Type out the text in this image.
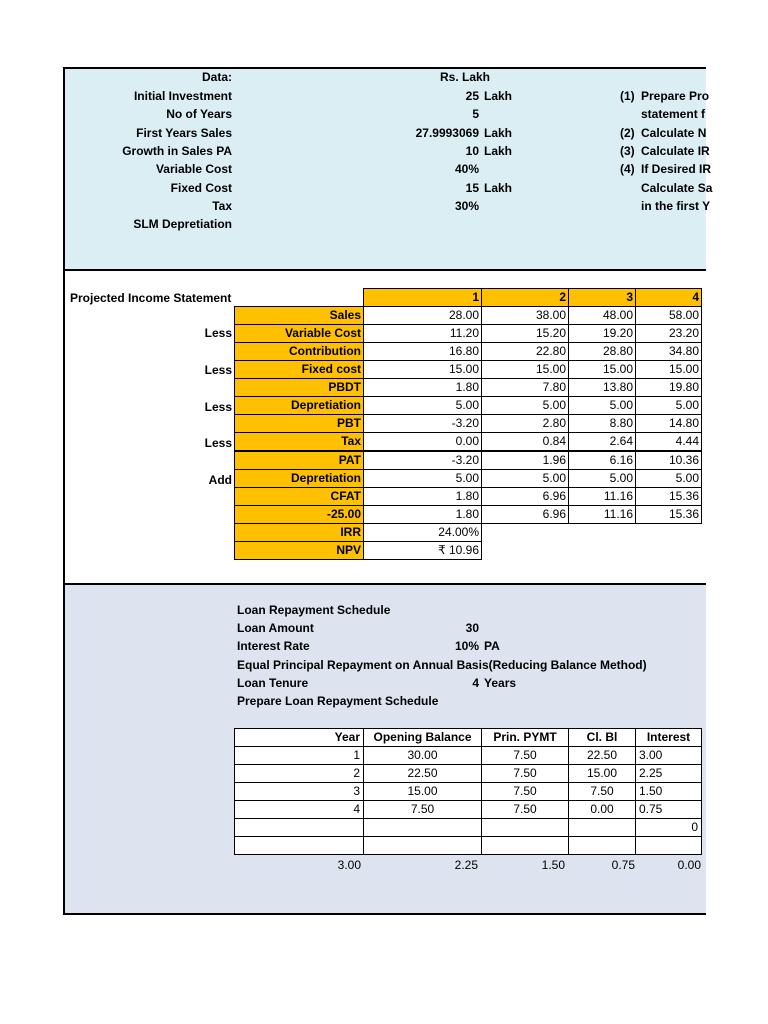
Data:	Rs. Lakh
Initial Investment	25 Lakh
No of Years	5
First Years Sales	27.9993069 Lakh
Growth in Sales PA	10 Lakh
Variable Cost	40%
Fixed Cost	15 Lakh
Tax	30%
SLM Depretiation
(1) Prepare Pro
statement f
(2) Calculate N
(3) Calculate IR
(4) If Desired IR
Calculate Sa
in the first Y
Projected Income Statement
Less
Less
Less
Less
Add
	1	2	3	4
Sales	28.00	38.00	48.00	58.00
Variable Cost	11.20	15.20	19.20	23.20
Contribution	16.80	22.80	28.80	34.80
Fixed cost	15.00	15.00	15.00	15.00
PBDT	1.80	7.80	13.80	19.80
Depretiation	5.00	5.00	5.00	5.00
PBT	-3.20	2.80	8.80	14.80
Tax	0.00	0.84	2.64	4.44
PAT	-3.20	1.96	6.16	10.36
Depretiation	5.00	5.00	5.00	5.00
CFAT	1.80	6.96	11.16	15.36
-25.00	1.80	6.96	11.16	15.36
IRR	24.00%			
NPV	₹ 10.96			
Loan Repayment Schedule
Loan Amount	30
Interest Rate	10% PA
Equal Principal Repayment on Annual Basis(Reducing Balance Method)
Loan Tenure	4 Years
Prepare Loan Repayment Schedule
Year	Opening Balance	Prin. PYMT	Cl. Bl	Interest
1	30.00	7.50	22.50	3.00
2	22.50	7.50	15.00	2.25
3	15.00	7.50	7.50	1.50
4	7.50	7.50	0.00	0.75
				0

3.00	2.25	1.50	0.75	0.00
